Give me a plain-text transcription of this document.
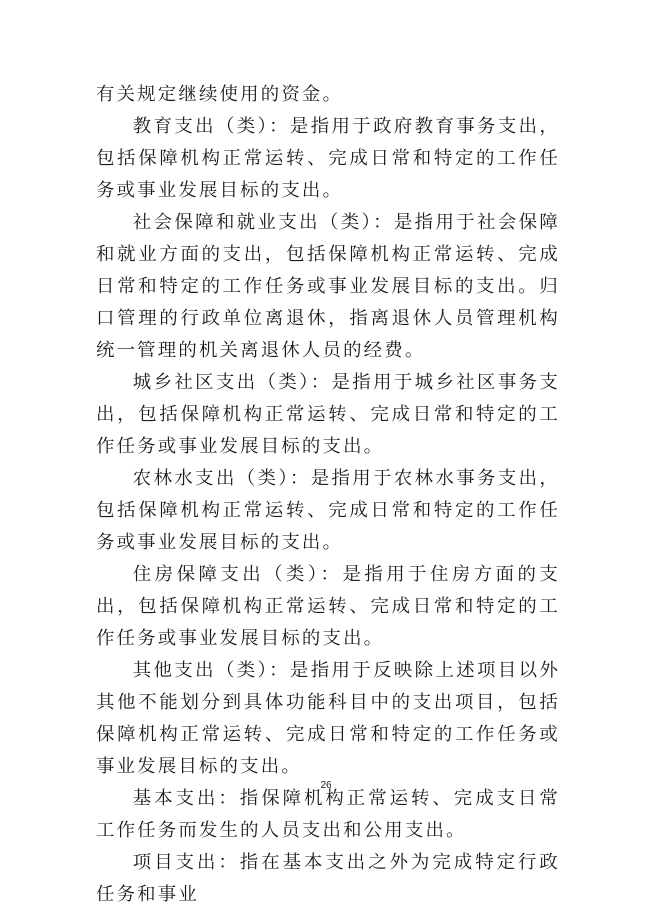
有关规定继续使用的资金。

教育支出（类）：是指用于政府教育事务支出，包括保障机构正常运转、完成日常和特定的工作任务或事业发展目标的支出。

社会保障和就业支出（类）：是指用于社会保障和就业方面的支出，包括保障机构正常运转、完成日常和特定的工作任务或事业发展目标的支出。归口管理的行政单位离退休，指离退休人员管理机构统一管理的机关离退休人员的经费。

城乡社区支出（类）：是指用于城乡社区事务支出，包括保障机构正常运转、完成日常和特定的工作任务或事业发展目标的支出。

农林水支出（类）：是指用于农林水事务支出，包括保障机构正常运转、完成日常和特定的工作任务或事业发展目标的支出。

住房保障支出（类）：是指用于住房方面的支出，包括保障机构正常运转、完成日常和特定的工作任务或事业发展目标的支出。

其他支出（类）：是指用于反映除上述项目以外其他不能划分到具体功能科目中的支出项目，包括保障机构正常运转、完成日常和特定的工作任务或事业发展目标的支出。

基本支出：指保障机构正常运转、完成支日常工作任务而发生的人员支出和公用支出。

项目支出：指在基本支出之外为完成特定行政任务和事业

26
